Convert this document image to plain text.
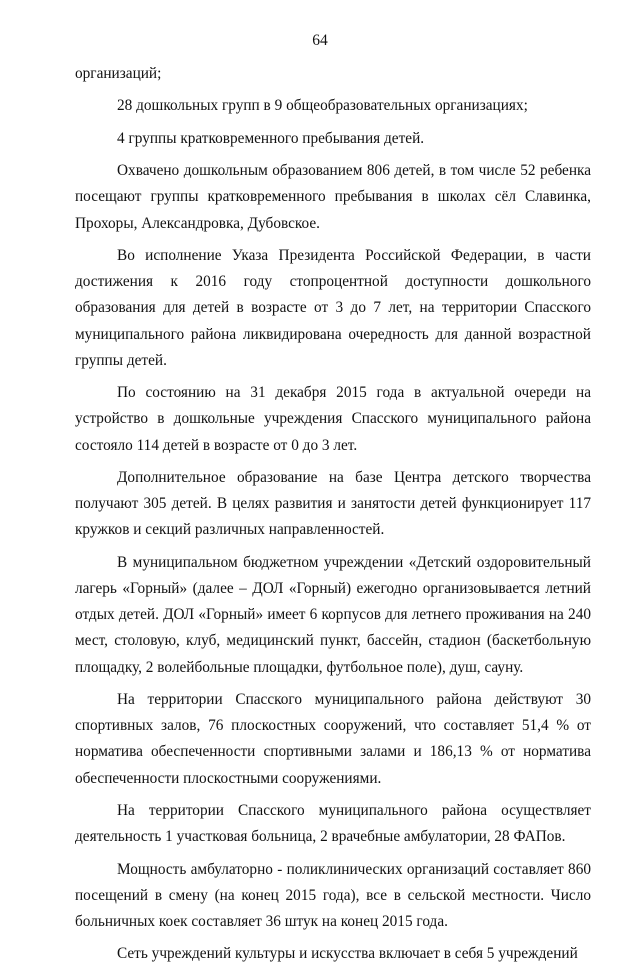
64

организаций;

28 дошкольных групп в 9 общеобразовательных организациях;

4 группы кратковременного пребывания детей.

Охвачено дошкольным образованием 806 детей, в том числе 52 ребенка посещают группы кратковременного пребывания в школах сёл Славинка, Прохоры, Александровка, Дубовское.

Во исполнение Указа Президента Российской Федерации, в части достижения к 2016 году стопроцентной доступности дошкольного образования для детей в возрасте от 3 до 7 лет, на территории Спасского муниципального района ликвидирована очередность для данной возрастной группы детей.

По состоянию на 31 декабря 2015 года в актуальной очереди на устройство в дошкольные учреждения Спасского муниципального района состояло 114 детей в возрасте от 0 до 3 лет.

Дополнительное образование на базе Центра детского творчества получают 305 детей. В целях развития и занятости детей функционирует 117 кружков и секций различных направленностей.

В муниципальном бюджетном учреждении «Детский оздоровительный лагерь «Горный» (далее – ДОЛ «Горный) ежегодно организовывается летний отдых детей. ДОЛ «Горный» имеет 6 корпусов для летнего проживания на 240 мест, столовую, клуб, медицинский пункт, бассейн, стадион (баскетбольную площадку, 2 волейбольные площадки, футбольное поле), душ, сауну.

На территории Спасского муниципального района действуют 30 спортивных залов, 76 плоскостных сооружений, что составляет 51,4 % от норматива обеспеченности спортивными залами и 186,13 % от норматива обеспеченности плоскостными сооружениями.

На территории Спасского муниципального района осуществляет деятельность 1 участковая больница, 2 врачебные амбулатории, 28 ФАПов.

Мощность амбулаторно - поликлинических организаций составляет 860 посещений в смену (на конец 2015 года), все в сельской местности. Число больничных коек составляет 36 штук на конец 2015 года.

Сеть учреждений культуры и искусства включает в себя 5 учреждений
